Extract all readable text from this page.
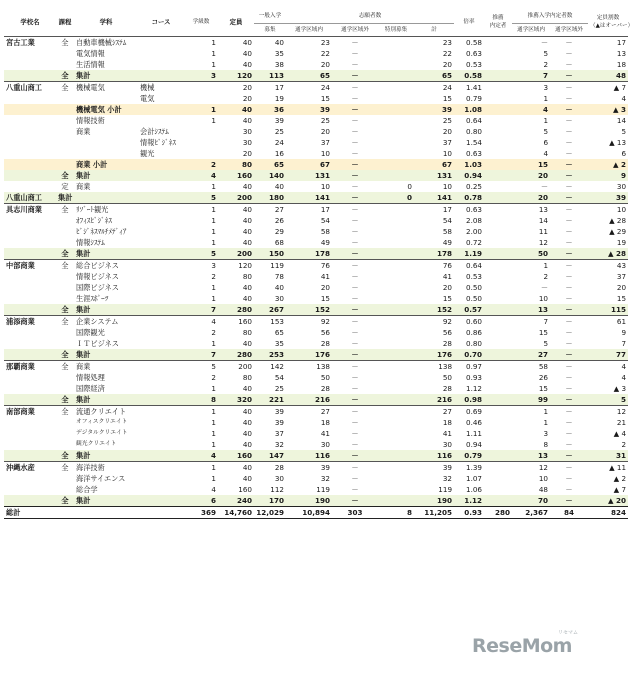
学校名	課程	学科	コース	学級数	定員	一般入学	志願者数				倍率	推薦
内定者	推薦入学内定者数		定員割数
（▲はオーバー）
						募集	通学区域内	通学区域外	特別募集	計			通学区域内	通学区域外	
宮古工業	全	自動車機械ｼｽﾃﾑ		1	40	40	23	－		23	0.58		－	－	17
		電気情報		1	40	35	22	－		22	0.63		5	－	13
		生活情報		1	40	38	20	－		20	0.53		2	－	18
	全	集計		3	120	113	65	－		65	0.58		7	－	48
八重山商工	全	機械電気	機械		20	17	24	－		24	1.41		3	－	▲ 7
			電気		20	19	15	－		15	0.79		1	－	4
		機械電気 小計		1	40	36	39	－		39	1.08		4	－	▲ 3
		情報技術		1	40	39	25	－		25	0.64		1	－	14
		商業	会計ｼｽﾃﾑ		30	25	20	－		20	0.80		5	－	5
			情報ﾋﾞｼﾞﾈｽ		30	24	37	－		37	1.54		6	－	▲ 13
			観光		20	16	10	－		10	0.63		4	－	6
		商業 小計		2	80	65	67	－		67	1.03		15	－	▲ 2
	全	集計		4	160	140	131	－		131	0.94		20	－	9
	定	商業		1	40	40	10	－	0	10	0.25		－	－	30
八重山商工	集計			5	200	180	141	－	0	141	0.78		20	－	39
具志川商業	全	ﾘｿﾞｰﾄ観光		1	40	27	17	－		17	0.63		13	－	10
		ｵﾌｨｽﾋﾞｼﾞﾈｽ		1	40	26	54	－		54	2.08		14	－	▲ 28
		ﾋﾞｼﾞﾈｽﾏﾙﾁﾒﾃﾞｨｱ		1	40	29	58	－		58	2.00		11	－	▲ 29
		情報ｼｽﾃﾑ		1	40	68	49	－		49	0.72		12	－	19
	全	集計		5	200	150	178	－		178	1.19		50	－	▲ 28
中部商業	全	総合ビジネス		3	120	119	76	－		76	0.64		1	－	43
		情報ビジネス		2	80	78	41	－		41	0.53		2	－	37
		国際ビジネス		1	40	40	20	－		20	0.50		－	－	20
		生涯ｽﾎﾟｰﾂ		1	40	30	15	－		15	0.50		10	－	15
	全	集計		7	280	267	152	－		152	0.57		13	－	115
浦添商業	全	企業システム		4	160	153	92	－		92	0.60		7	－	61
		国際観光		2	80	65	56	－		56	0.86		15	－	9
		ＩＴビジネス		1	40	35	28	－		28	0.80		5	－	7
	全	集計		7	280	253	176	－		176	0.70		27	－	77
那覇商業	全	商業		5	200	142	138	－		138	0.97		58	－	4
		情報処理		2	80	54	50	－		50	0.93		26	－	4
		国際経済		1	40	25	28	－		28	1.12		15	－	▲ 3
	全	集計		8	320	221	216	－		216	0.98		99	－	5
南部商業	全	流通クリエイト		1	40	39	27	－		27	0.69		1	－	12
		オフィスクリエイト		1	40	39	18	－		18	0.46		1	－	21
		デジタルクリエイト		1	40	37	41	－		41	1.11		3	－	▲ 4
		観光クリエイト		1	40	32	30	－		30	0.94		8	－	2
	全	集計		4	160	147	116	－		116	0.79		13	－	31
沖縄水産	全	海洋技術		1	40	28	39	－		39	1.39		12	－	▲ 11
		海洋サイエンス		1	40	30	32	－		32	1.07		10	－	▲ 2
		総合学		4	160	112	119	－		119	1.06		48	－	▲ 7
	全	集計		6	240	170	190	－		190	1.12		70	－	▲ 20
総計				369	14,760	12,029	10,894	303	8	11,205	0.93	280	2,367	84	824
リセマム
ReseMom
